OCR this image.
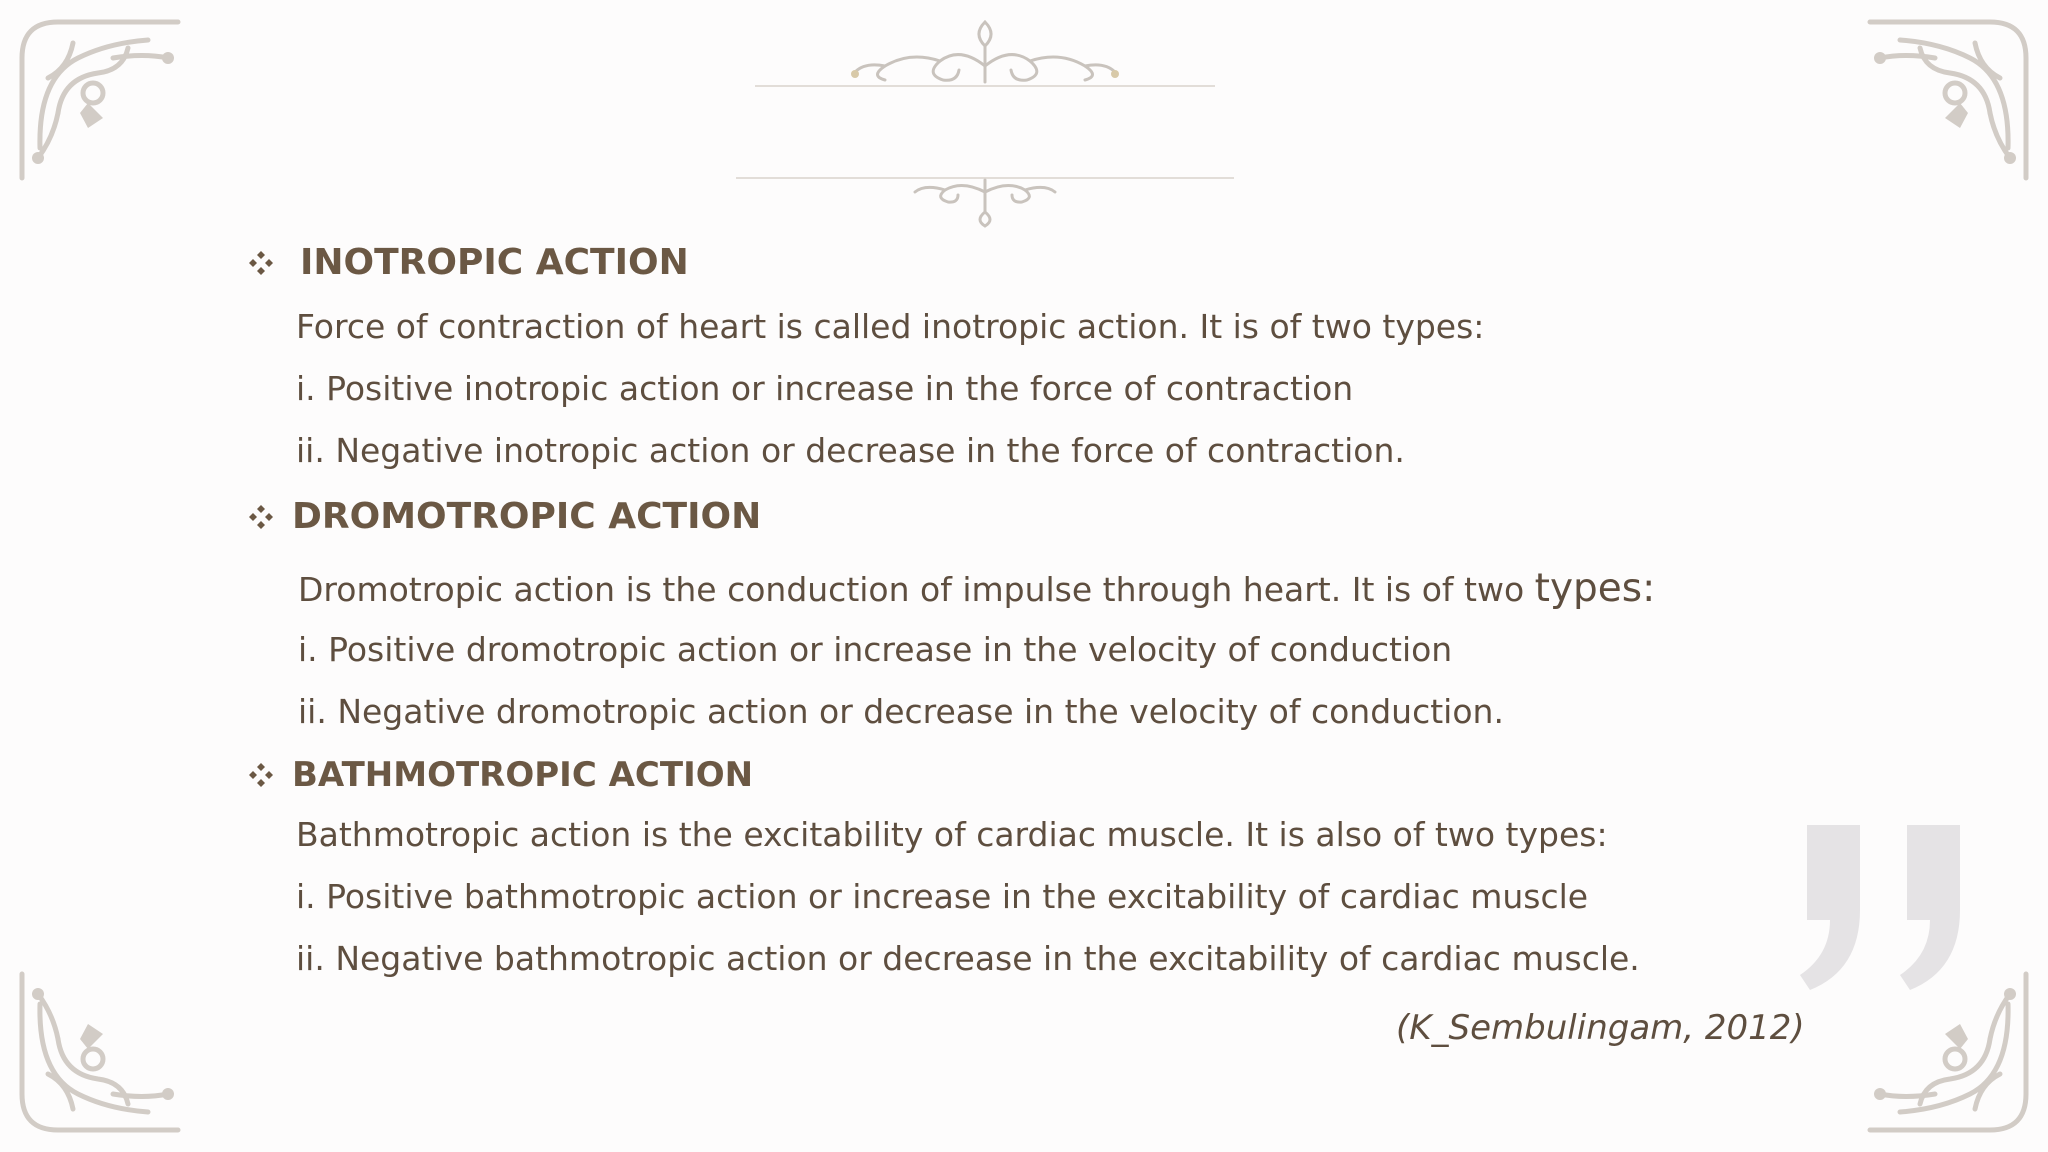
INOTROPIC ACTION
Force of contraction of heart is called inotropic action. It is of two types:
i. Positive inotropic action or increase in the force of contraction
ii. Negative inotropic action or decrease in the force of contraction.
DROMOTROPIC ACTION
Dromotropic action is the conduction of impulse through heart. It is of two types:
i. Positive dromotropic action or increase in the velocity of conduction
ii. Negative dromotropic action or decrease in the velocity of conduction.
BATHMOTROPIC ACTION
Bathmotropic action is the excitability of cardiac muscle. It is also of two types:
i. Positive bathmotropic action or increase in the excitability of cardiac muscle
ii. Negative bathmotropic action or decrease in the excitability of cardiac muscle.
(K_Sembulingam, 2012)
